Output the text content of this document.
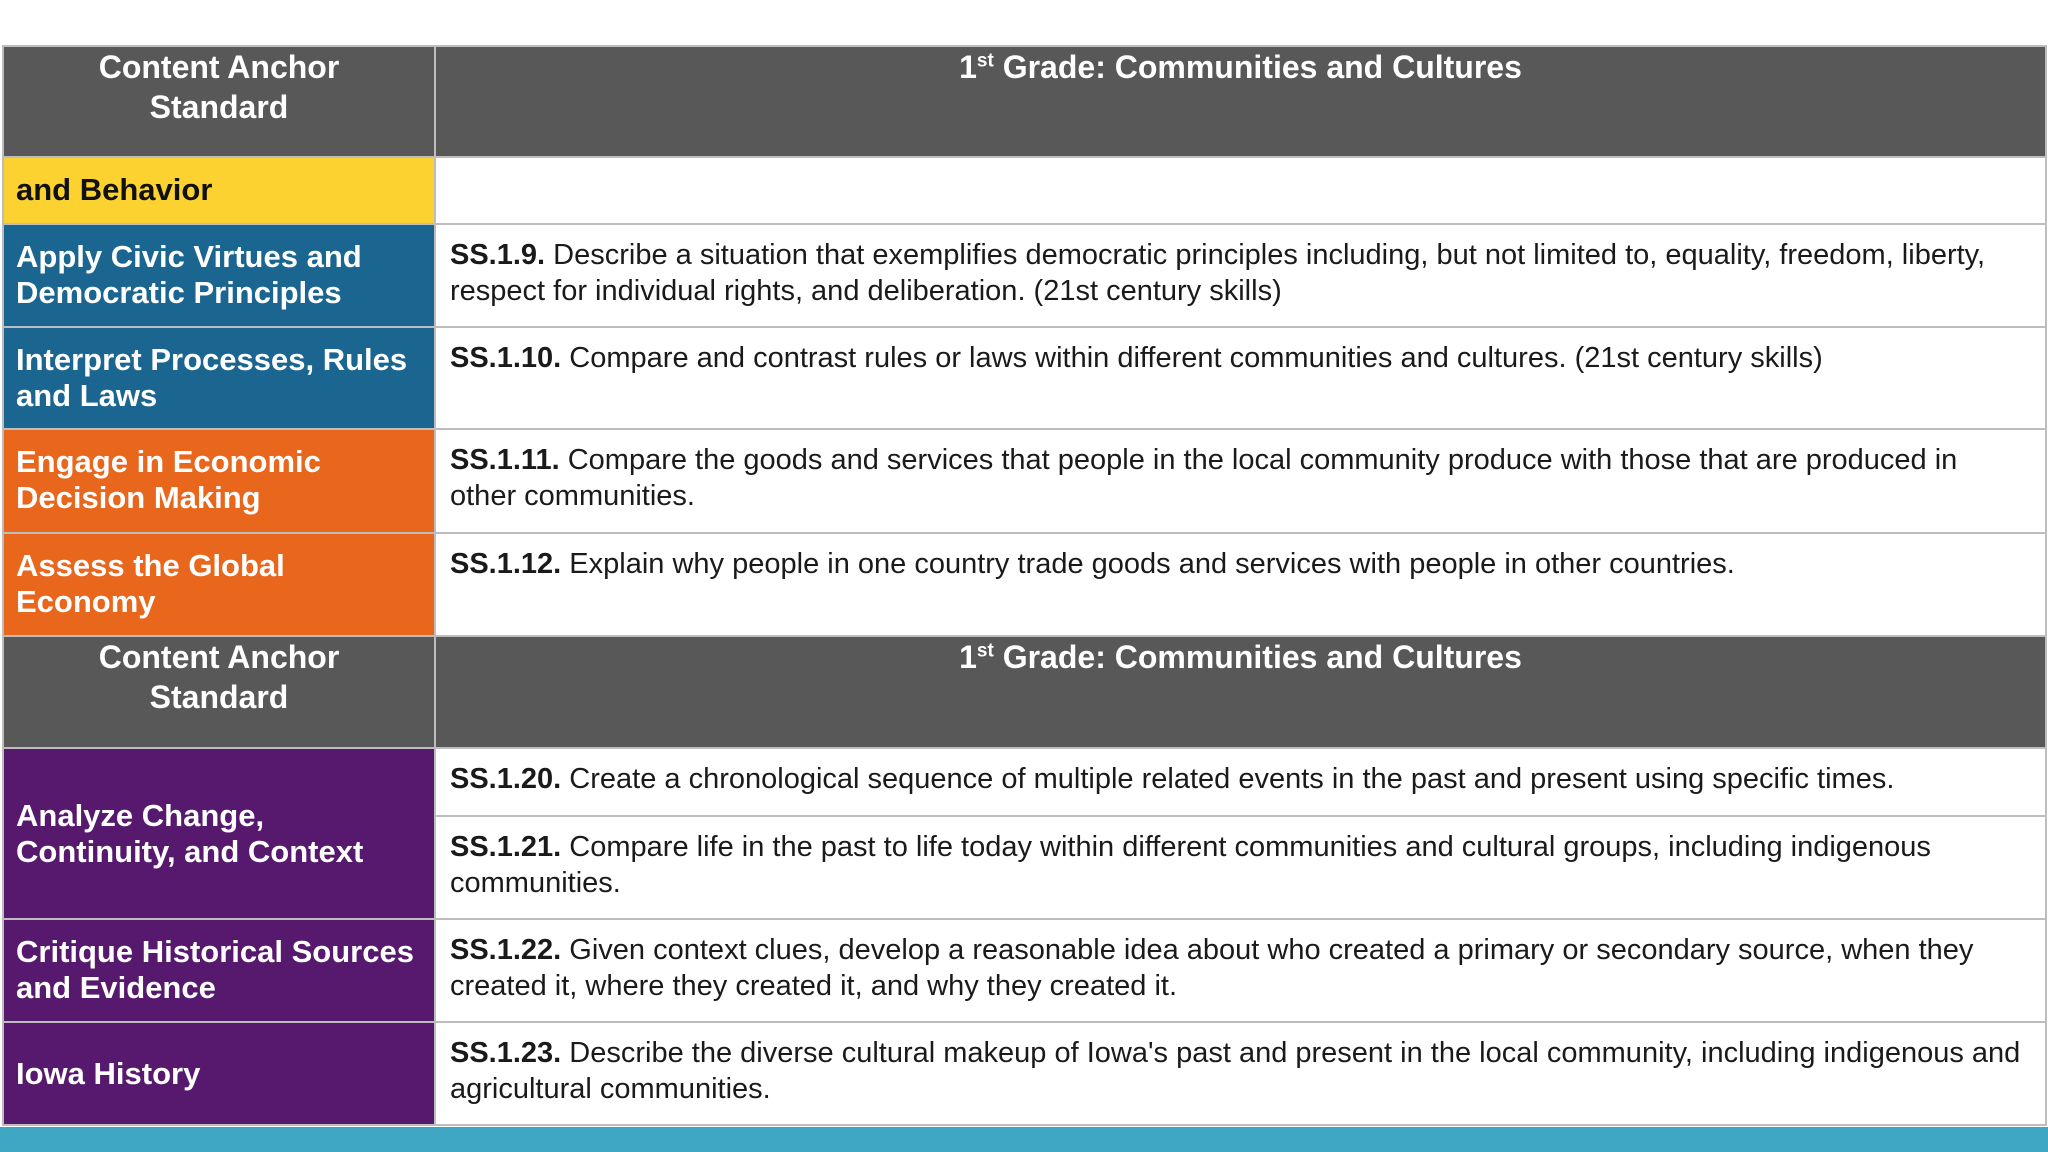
Content Anchor Standard	1st Grade: Communities and Cultures
and Behavior	
Apply Civic Virtues and Democratic Principles	SS.1.9. Describe a situation that exemplifies democratic principles including, but not limited to, equality, freedom, liberty, respect for individual rights, and deliberation. (21st century skills)
Interpret Processes, Rules and Laws	SS.1.10. Compare and contrast rules or laws within different communities and cultures. (21st century skills)
Engage in Economic Decision Making	SS.1.11. Compare the goods and services that people in the local community produce with those that are produced in other communities.
Assess the Global Economy	SS.1.12. Explain why people in one country trade goods and services with people in other countries.

Content Anchor Standard	1st Grade: Communities and Cultures
Analyze Change, Continuity, and Context	SS.1.20. Create a chronological sequence of multiple related events in the past and present using specific times.
	SS.1.21. Compare life in the past to life today within different communities and cultural groups, including indigenous communities.
Critique Historical Sources and Evidence	SS.1.22. Given context clues, develop a reasonable idea about who created a primary or secondary source, when they created it, where they created it, and why they created it.
Iowa History	SS.1.23. Describe the diverse cultural makeup of Iowa's past and present in the local community, including indigenous and agricultural communities.
